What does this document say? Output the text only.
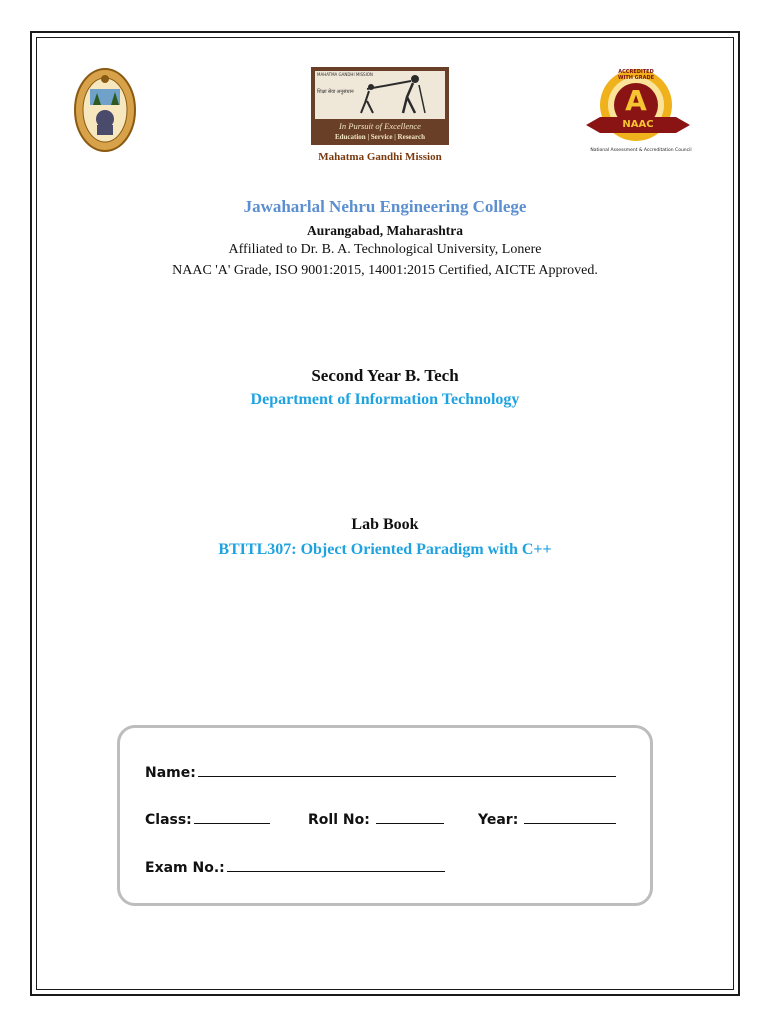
MAHATMA GANDHI MISSION
शिक्षा सेवा अनुसंधान
In Pursuit of Excellence
Education | Service | Research
Mahatma Gandhi Mission
ACCREDITED WITH GRADE
A
NAAC
National Assessment & Accreditation Council
Jawaharlal Nehru Engineering College
Aurangabad, Maharashtra
Affiliated to Dr. B. A. Technological University, Lonere
NAAC 'A' Grade, ISO 9001:2015, 14001:2015 Certified, AICTE Approved.
Second Year B. Tech
Department of Information Technology
Lab Book
BTITL307: Object Oriented Paradigm with C++
Name:
Class:	Roll No:	Year:
Exam No.:
